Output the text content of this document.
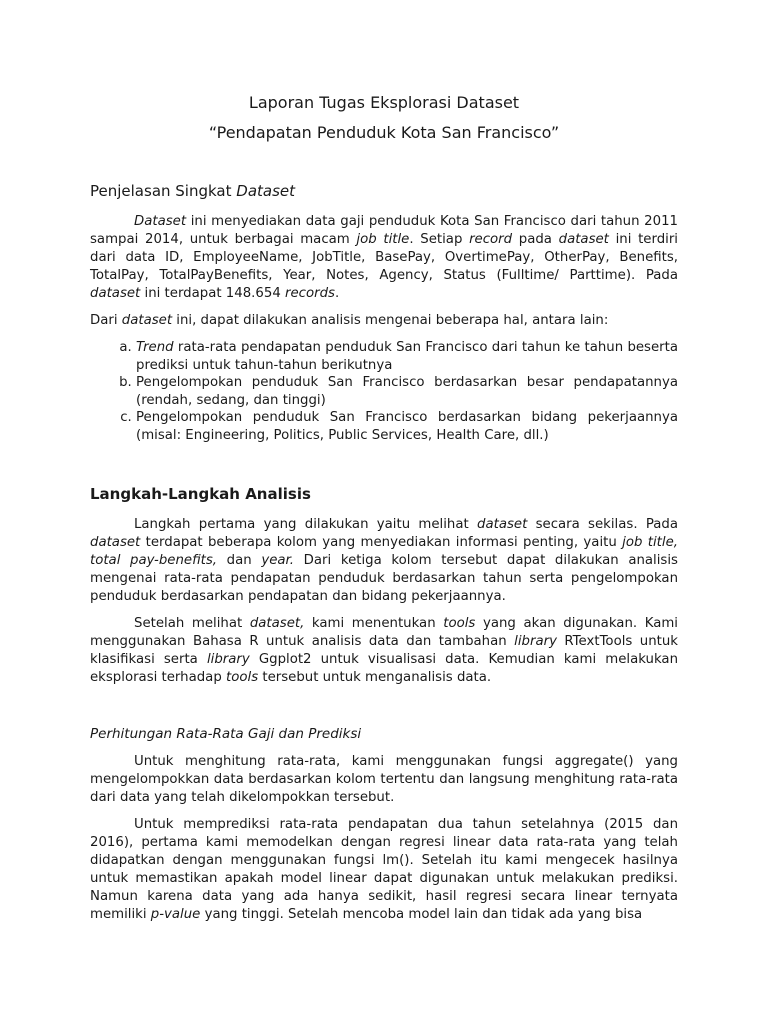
Laporan Tugas Eksplorasi Dataset

“Pendapatan Penduduk Kota San Francisco”

Penjelasan Singkat Dataset

Dataset ini menyediakan data gaji penduduk Kota San Francisco dari tahun 2011 sampai 2014, untuk berbagai macam job title. Setiap record pada dataset ini terdiri dari data ID, EmployeeName, JobTitle, BasePay, OvertimePay, OtherPay, Benefits, TotalPay, TotalPayBenefits, Year, Notes, Agency, Status (Fulltime/ Parttime). Pada dataset ini terdapat 148.654 records.

Dari dataset ini, dapat dilakukan analisis mengenai beberapa hal, antara lain:

a. Trend rata-rata pendapatan penduduk San Francisco dari tahun ke tahun beserta prediksi untuk tahun-tahun berikutnya
b. Pengelompokan penduduk San Francisco berdasarkan besar pendapatannya (rendah, sedang, dan tinggi)
c. Pengelompokan penduduk San Francisco berdasarkan bidang pekerjaannya (misal: Engineering, Politics, Public Services, Health Care, dll.)
Langkah-Langkah Analisis

Langkah pertama yang dilakukan yaitu melihat dataset secara sekilas. Pada dataset terdapat beberapa kolom yang menyediakan informasi penting, yaitu job title, total pay-benefits, dan year. Dari ketiga kolom tersebut dapat dilakukan analisis mengenai rata-rata pendapatan penduduk berdasarkan tahun serta pengelompokan penduduk berdasarkan pendapatan dan bidang pekerjaannya.

Setelah melihat dataset, kami menentukan tools yang akan digunakan. Kami menggunakan Bahasa R untuk analisis data dan tambahan library RTextTools untuk klasifikasi serta library Ggplot2 untuk visualisasi data. Kemudian kami melakukan eksplorasi terhadap tools tersebut untuk menganalisis data.

Perhitungan Rata-Rata Gaji dan Prediksi

Untuk menghitung rata-rata, kami menggunakan fungsi aggregate() yang mengelompokkan data berdasarkan kolom tertentu dan langsung menghitung rata-rata dari data yang telah dikelompokkan tersebut.

Untuk memprediksi rata-rata pendapatan dua tahun setelahnya (2015 dan 2016), pertama kami memodelkan dengan regresi linear data rata-rata yang telah didapatkan dengan menggunakan fungsi lm(). Setelah itu kami mengecek hasilnya untuk memastikan apakah model linear dapat digunakan untuk melakukan prediksi. Namun karena data yang ada hanya sedikit, hasil regresi secara linear ternyata memiliki p-value yang tinggi. Setelah mencoba model lain dan tidak ada yang bisa
